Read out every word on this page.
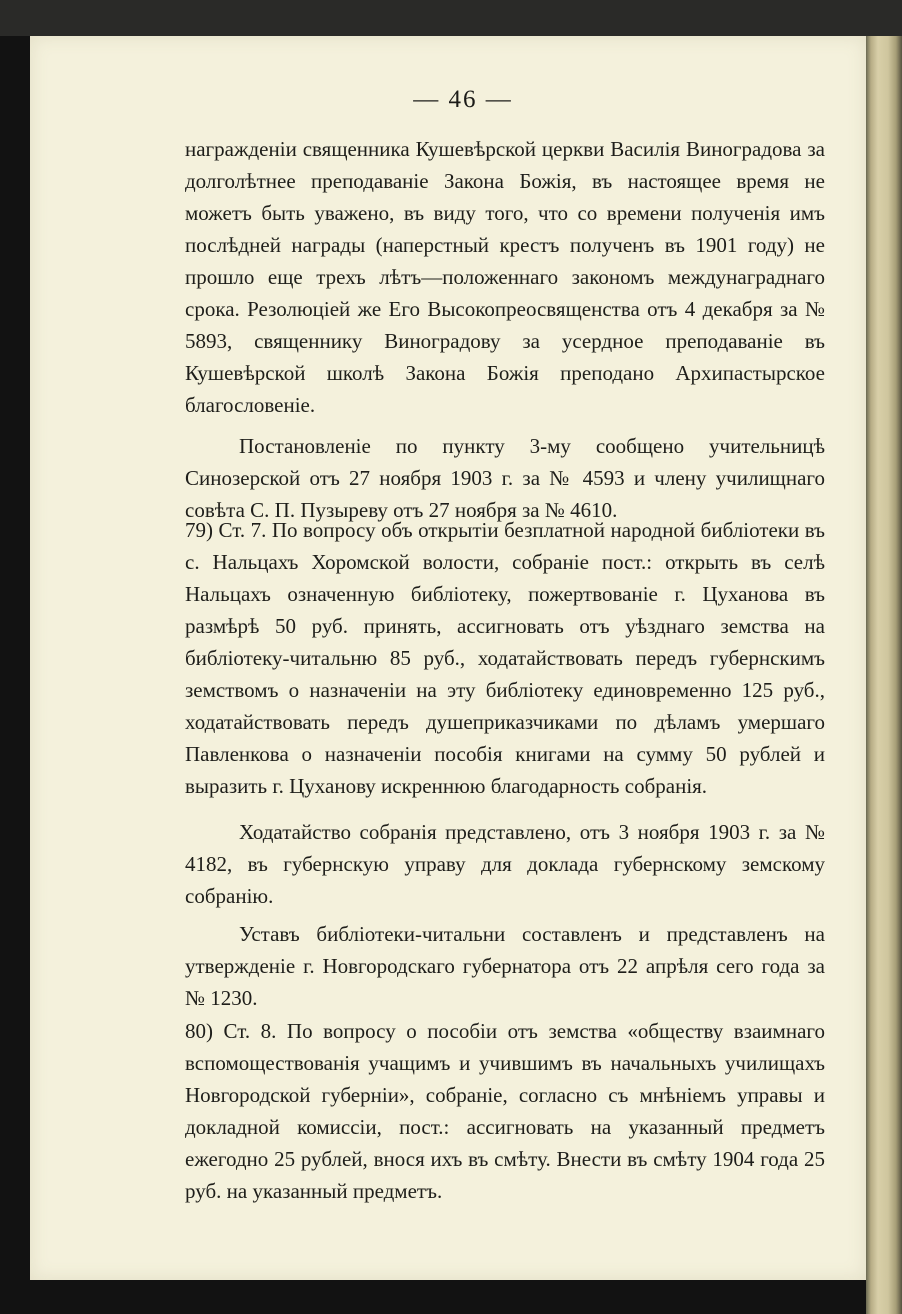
— 46 —

награжденіи священника Кушевѣрской церкви Василія Виноградова за долголѣтнее преподаваніе Закона Божія, въ настоящее время не можетъ быть уважено, въ виду того, что со времени полученія имъ послѣдней награды (наперстный крестъ полученъ въ 1901 году) не прошло еще трехъ лѣтъ—положеннаго закономъ междунаграднаго срока. Резолюціей же Его Высокопреосвященства отъ 4 декабря за № 5893, священнику Виноградову за усердное преподаваніе въ Кушевѣрской школѣ Закона Божія преподано Архипастырское благословеніе.

Постановленіе по пункту 3-му сообщено учительницѣ Синозерской отъ 27 ноября 1903 г. за № 4593 и члену училищнаго совѣта С. П. Пузыреву отъ 27 ноября за № 4610.

79) Ст. 7. По вопросу объ открытіи безплатной народной библіотеки въ с. Нальцахъ Хоромской волости, собраніе пост.: открыть въ селѣ Нальцахъ означенную библіотеку, пожертвованіе г. Цуханова въ размѣрѣ 50 руб. принять, ассигновать отъ уѣзднаго земства на библіотеку-читальню 85 руб., ходатайствовать передъ губернскимъ земствомъ о назначеніи на эту библіотеку единовременно 125 руб., ходатайствовать передъ душеприказчиками по дѣламъ умершаго Павленкова о назначеніи пособія книгами на сумму 50 рублей и выразить г. Цуханову искреннюю благодарность собранія.

Ходатайство собранія представлено, отъ 3 ноября 1903 г. за № 4182, въ губернскую управу для доклада губернскому земскому собранію.

Уставъ библіотеки-читальни составленъ и представленъ на утвержденіе г. Новгородскаго губернатора отъ 22 апрѣля сего года за № 1230.

80) Ст. 8. По вопросу о пособіи отъ земства «обществу взаимнаго вспомоществованія учащимъ и учившимъ въ начальныхъ училищахъ Новгородской губерніи», собраніе, согласно съ мнѣніемъ управы и докладной комиссіи, пост.: ассигновать на указанный предметъ ежегодно 25 рублей, внося ихъ въ смѣту. Внести въ смѣту 1904 года 25 руб. на указанный предметъ.
